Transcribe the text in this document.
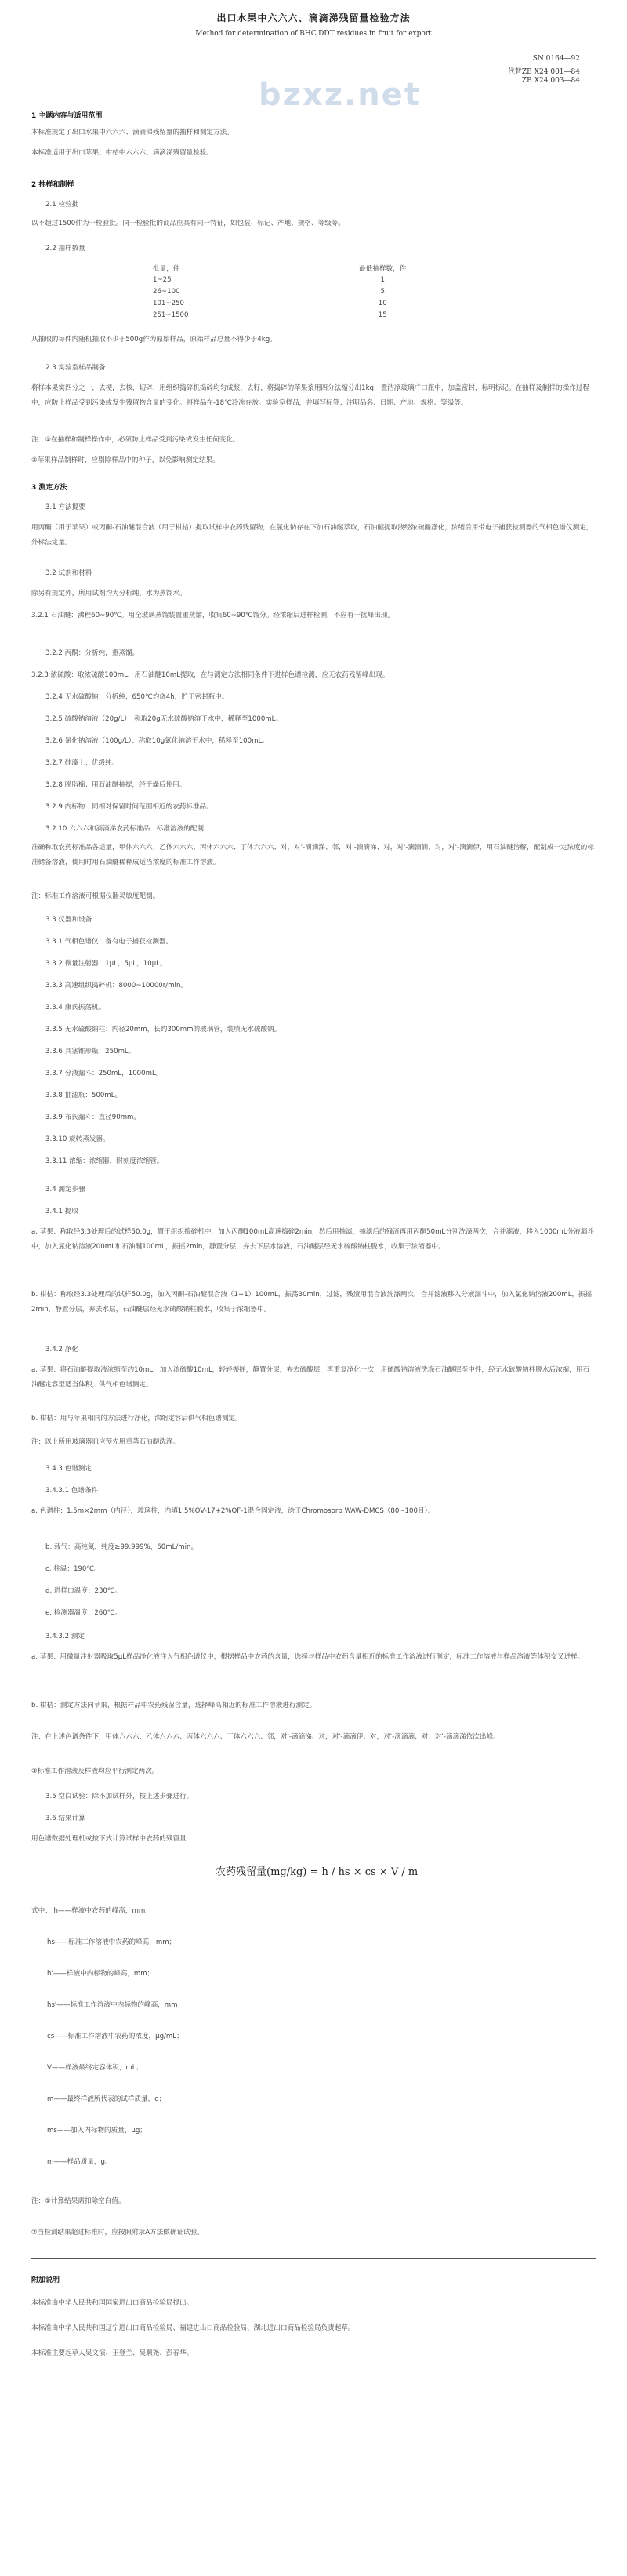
出口水果中六六六、滴滴涕残留量检验方法
Method for determination of BHC,DDT residues in fruit for export
SN 0164—92
代替ZB X24 001—84
ZB X24 003—84
bzxz.net
1 主题内容与适用范围
本标准规定了出口水果中六六六、滴滴涕残留量的抽样和测定方法。
本标准适用于出口苹果、柑桔中六六六、滴滴涕残留量检验。
2 抽样和制样
2.1 检验批
以不超过1500件为一检验批。同一检验批的商品应具有同一特征，如包装、标记、产地、规格、等级等。
2.2 抽样数量
批量，件	最低抽样数，件
1~25	1
26~100	5
101~250	10
251~1500	15
从抽取的每件内随机抽取不少于500g作为原始样品，原始样品总量不得少于4kg。
2.3 实验室样品制备
将样本果实四分之一，去梗，去核，切碎，用组织捣碎机捣碎均匀成浆，去籽，将捣碎的苹果浆用四分法缩分出1kg，置洁净玻璃广口瓶中，加盖密封，标明标记。在抽样及制样的操作过程中，应防止样品受到污染或发生残留物含量的变化。将样品在-18℃冷冻存放。实验室样品，并填写标签；注明品名、日期、产地、规格、等级等。
注：①在抽样和制样操作中，必须防止样品受到污染或发生任何变化。
②苹果样品制样时，应剔除样品中的种子，以免影响测定结果。
3 测定方法
3.1 方法提要
用丙酮（用于苹果）或丙酮-石油醚混合液（用于柑桔）提取试样中农药残留物，在氯化钠存在下加石油醚萃取，石油醚提取液经浓硫酸净化，浓缩后用带电子捕获检测器的气相色谱仪测定，外标法定量。
3.2 试剂和材料
除另有规定外，所用试剂均为分析纯，水为蒸馏水。
3.2.1 石油醚：沸程60~90℃。用全玻璃蒸馏装置重蒸馏，收集60~90℃馏分。经浓缩后进样检测，不应有干扰峰出现。
3.2.2 丙酮：分析纯，重蒸馏。
3.2.3 浓硫酸：取浓硫酸100mL，用石油醚10mL提取，在与测定方法相同条件下进样色谱检测，应无农药残留峰出现。
3.2.4 无水硫酸钠：分析纯，650℃灼烧4h，贮于密封瓶中。
3.2.5 硫酸钠溶液（20g/L）：称取20g无水硫酸钠溶于水中，稀释至1000mL。
3.2.6 氯化钠溶液（100g/L）：称取10g氯化钠溶于水中，稀释至100mL。
3.2.7 硅藻土：优级纯。
3.2.8 脱脂棉：用石油醚抽提，经干燥后使用。
3.2.9 内标物：同相对保留时间范围相近的农药标准品。
3.2.10 六六六和滴滴涕农药标准品：标准溶液的配制
准确称取农药标准品各适量，甲体六六六、乙体六六六、丙体六六六、丁体六六六、对，对'-滴滴涕、邻，对'-滴滴涕、对，对'-滴滴滴、对，对'-滴滴伊，用石油醚溶解，配制成一定浓度的标准储备溶液，使用时用石油醚稀释成适当浓度的标准工作溶液。
注：标准工作溶液可根据仪器灵敏度配制。
3.3 仪器和设备
3.3.1 气相色谱仪：备有电子捕获检测器。
3.3.2 微量注射器：1μL，5μL，10μL。
3.3.3 高速组织捣碎机：8000~10000r/min。
3.3.4 康氏振荡机。
3.3.5 无水硫酸钠柱：内径20mm，长约300mm的玻璃管，装填无水硫酸钠。
3.3.6 具塞锥形瓶：250mL。
3.3.7 分液漏斗：250mL，1000mL。
3.3.8 抽滤瓶：500mL。
3.3.9 布氏漏斗：直径90mm。
3.3.10 旋转蒸发器。
3.3.11 浓缩：浓缩器，附刻度浓缩管。
3.4 测定步骤
3.4.1 提取
a. 苹果：称取经3.3处理后的试样50.0g，置于组织捣碎机中，加入丙酮100mL高速捣碎2min，然后用抽滤，抽滤后的残渣再用丙酮50mL分别洗涤两次，合并滤液，移入1000mL分液漏斗中，加入氯化钠溶液200mL和石油醚100mL，振摇2min，静置分层，弃去下层水溶液，石油醚层经无水硫酸钠柱脱水，收集于浓缩器中。
b. 柑桔：称取经3.3处理后的试样50.0g，加入丙酮-石油醚混合液（1+1）100mL，振荡30min，过滤，残渣用混合液洗涤两次，合并滤液移入分液漏斗中，加入氯化钠溶液200mL，振摇2min，静置分层，弃去水层，石油醚层经无水硫酸钠柱脱水，收集于浓缩器中。
3.4.2 净化
a. 苹果：将石油醚提取液浓缩至约10mL，加入浓硫酸10mL，轻轻振摇，静置分层，弃去硫酸层，再重复净化一次，用硫酸钠溶液洗涤石油醚层至中性，经无水硫酸钠柱脱水后浓缩，用石油醚定容至适当体积，供气相色谱测定。
b. 柑桔：用与苹果相同的方法进行净化，浓缩定容后供气相色谱测定。
注：以上所用玻璃器皿应预先用重蒸石油醚洗涤。
3.4.3 色谱测定
3.4.3.1 色谱条件
a. 色谱柱：1.5m×2mm（内径），玻璃柱，内填1.5%OV-17+2%QF-1混合固定液，涂于Chromosorb WAW-DMCS（80~100目）。
b. 载气：高纯氮，纯度≥99.999%，60mL/min。
c. 柱温：190℃。
d. 进样口温度：230℃。
e. 检测器温度：260℃。
3.4.3.2 测定
a. 苹果：用微量注射器吸取5μL样品净化液注入气相色谱仪中，根据样品中农药的含量，选择与样品中农药含量相近的标准工作溶液进行测定，标准工作溶液与样品溶液等体积交叉进样。
b. 柑桔：测定方法同苹果，根据样品中农药残留含量，选择峰高相近的标准工作溶液进行测定。
注：在上述色谱条件下，甲体六六六、乙体六六六、丙体六六六、丁体六六六、邻，对'-滴滴涕、对，对'-滴滴伊、对，对'-滴滴滴、对，对'-滴滴涕依次出峰。
③标准工作溶液及样液均应平行测定两次。
3.5 空白试验：除不加试样外，按上述步骤进行。
3.6 结果计算
用色谱数据处理机或按下式计算试样中农药的残留量：
农药残留量(mg/kg) = h / hs × cs × V / m
式中： h——样液中农药的峰高，mm；
hs——标准工作溶液中农药的峰高，mm；
h'——样液中内标物的峰高，mm；
hs'——标准工作溶液中内标物的峰高，mm；
cs——标准工作溶液中农药的浓度，μg/mL；
V——样液最终定容体积，mL；
m——最终样液所代表的试样质量，g；
ms——加入内标物的质量，μg；
m——样品质量，g。
注：①计算结果需扣除空白值。
②当检测结果超过标准时，应按照附录A方法做确证试验。
附加说明
本标准由中华人民共和国国家进出口商品检验局提出。
本标准由中华人民共和国辽宁进出口商品检验局、福建进出口商品检验局、湖北进出口商品检验局负责起草。
本标准主要起草人吴文演、王登兰、吴顺尧、彭春华。
